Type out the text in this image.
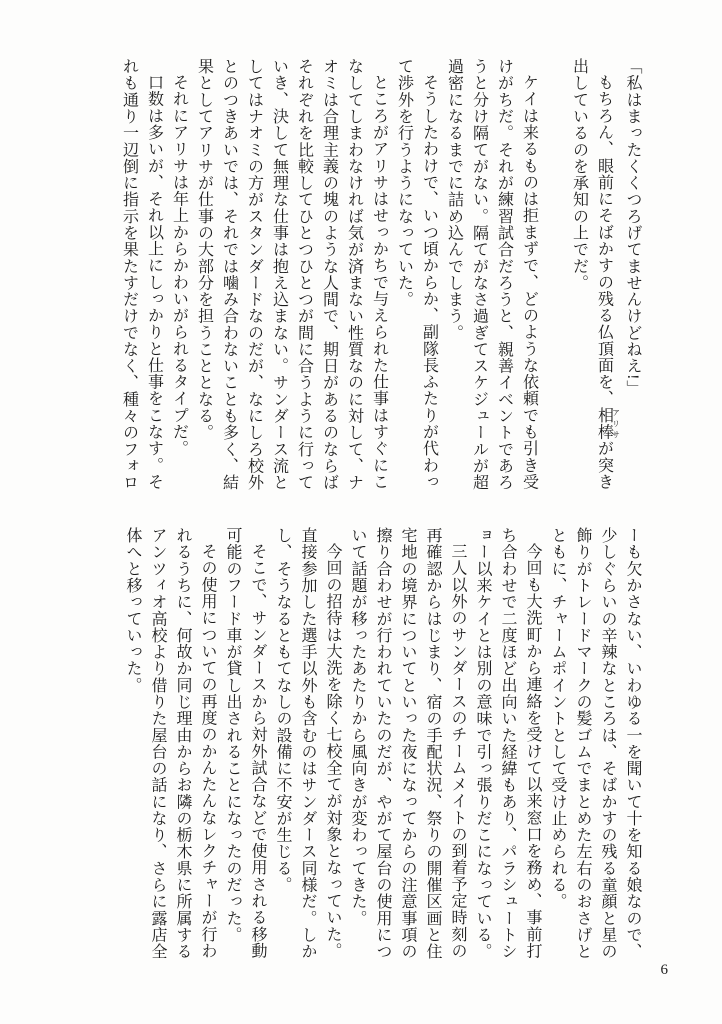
「私はまったくくつろげてませんけどねえ!」

もちろん、眼前にそばかすの残る仏頂面を、相棒 アリサが突き出しているのを承知の上でだ。

ケイは来るものは拒まずで、どのような依頼でも引き受けがちだ。それが練習試合だろうと、親善イベントであろうと分け隔てがない。隔てがなさ過ぎてスケジュールが超過密になるまでに詰め込んでしまう。

そうしたわけで、いつ頃からか、副隊長ふたりが代わって渉外を行うようになっていた。

ところがアリサはせっかちで与えられた仕事はすぐにこなしてしまわなければ気が済まない性質なのに対して、ナオミは合理主義の塊のような人間で、期日があるのならばそれぞれを比較してひとつひとつが間に合うように行っていき、決して無理な仕事は抱え込まない。サンダース流としてはナオミの方がスタンダードなのだが、なにしろ校外とのつきあいでは、それでは噛み合わないことも多く、結果としてアリサが仕事の大部分を担うこととなる。

それにアリサは年上からかわいがられるタイプだ。

口数は多いが、それ以上にしっかりと仕事をこなす。それも通り一辺倒に指示を果たすだけでなく、種々のフォロ

ーも欠かさない、いわゆる一を聞いて十を知る娘なので、少しぐらいの辛辣なところは、そばかすの残る童顔と星の飾りがトレードマークの髪ゴムでまとめた左右のおさげとともに、チャームポイントとして受け止められる。

今回も大洗町から連絡を受けて以来窓口を務め、事前打ち合わせで二度ほど出向いた経緯もあり、パラシュートショー以来ケイとは別の意味で引っ張りだこになっている。

三人以外のサンダースのチームメイトの到着予定時刻の再確認からはじまり、宿の手配状況、祭りの開催区画と住宅地の境界についてといった夜になってからの注意事項の擦り合わせが行われていたのだが、やがて屋台の使用について話題が移ったあたりから風向きが変わってきた。

今回の招待は大洗を除く七校全てが対象となっていた。直接参加した選手以外も含むのはサンダース同様だ。しかし、そうなるともてなしの設備に不安が生じる。

そこで、サンダースから対外試合などで使用される移動可能のフード車が貸し出されることになったのだった。

その使用についての再度のかんたんなレクチャーが行われるうちに、何故か同じ理由からお隣の栃木県に所属するアンツィオ高校より借りた屋台の話になり、さらに露店全体へと移っていった。

6
